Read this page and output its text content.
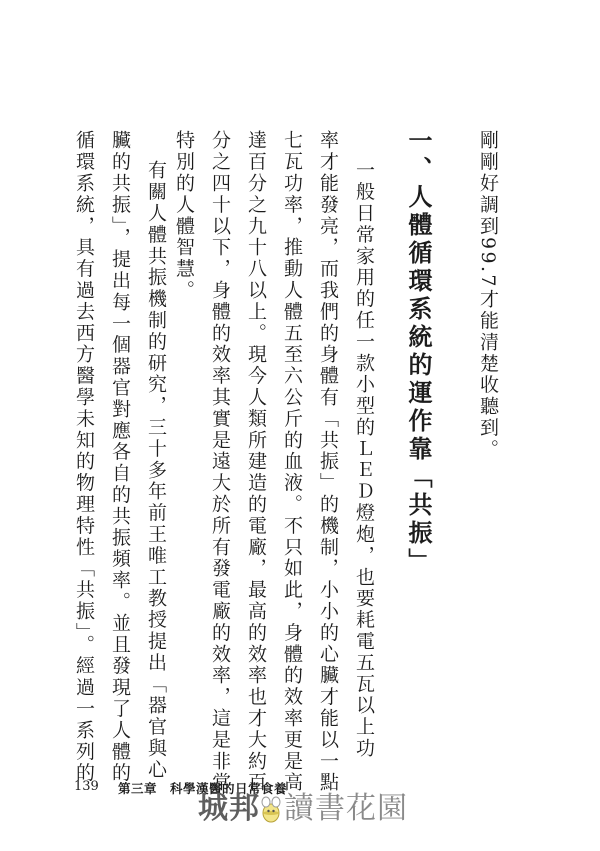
剛剛好調到99.7才能清楚收聽到。
一、人體循環系統的運作靠「共振」
一般日常家用的任一款小型的ＬＥＤ燈炮，也要耗電五瓦以上功
率才能發亮，而我們的身體有「共振」的機制，小小的心臟才能以一點
七瓦功率，推動人體五至六公斤的血液。不只如此，身體的效率更是高
達百分之九十八以上。現今人類所建造的電廠，最高的效率也才大約百
分之四十以下，身體的效率其實是遠大於所有發電廠的效率，這是非常
特別的人體智慧。
有關人體共振機制的研究，三十多年前王唯工教授提出「器官與心
臟的共振」，提出每一個器官對應各自的共振頻率。並且發現了人體的
循環系統，具有過去西方醫學未知的物理特性「共振」。經過一系列的
139 第三章　科學漢醫的日常食養
城邦 讀書花園
